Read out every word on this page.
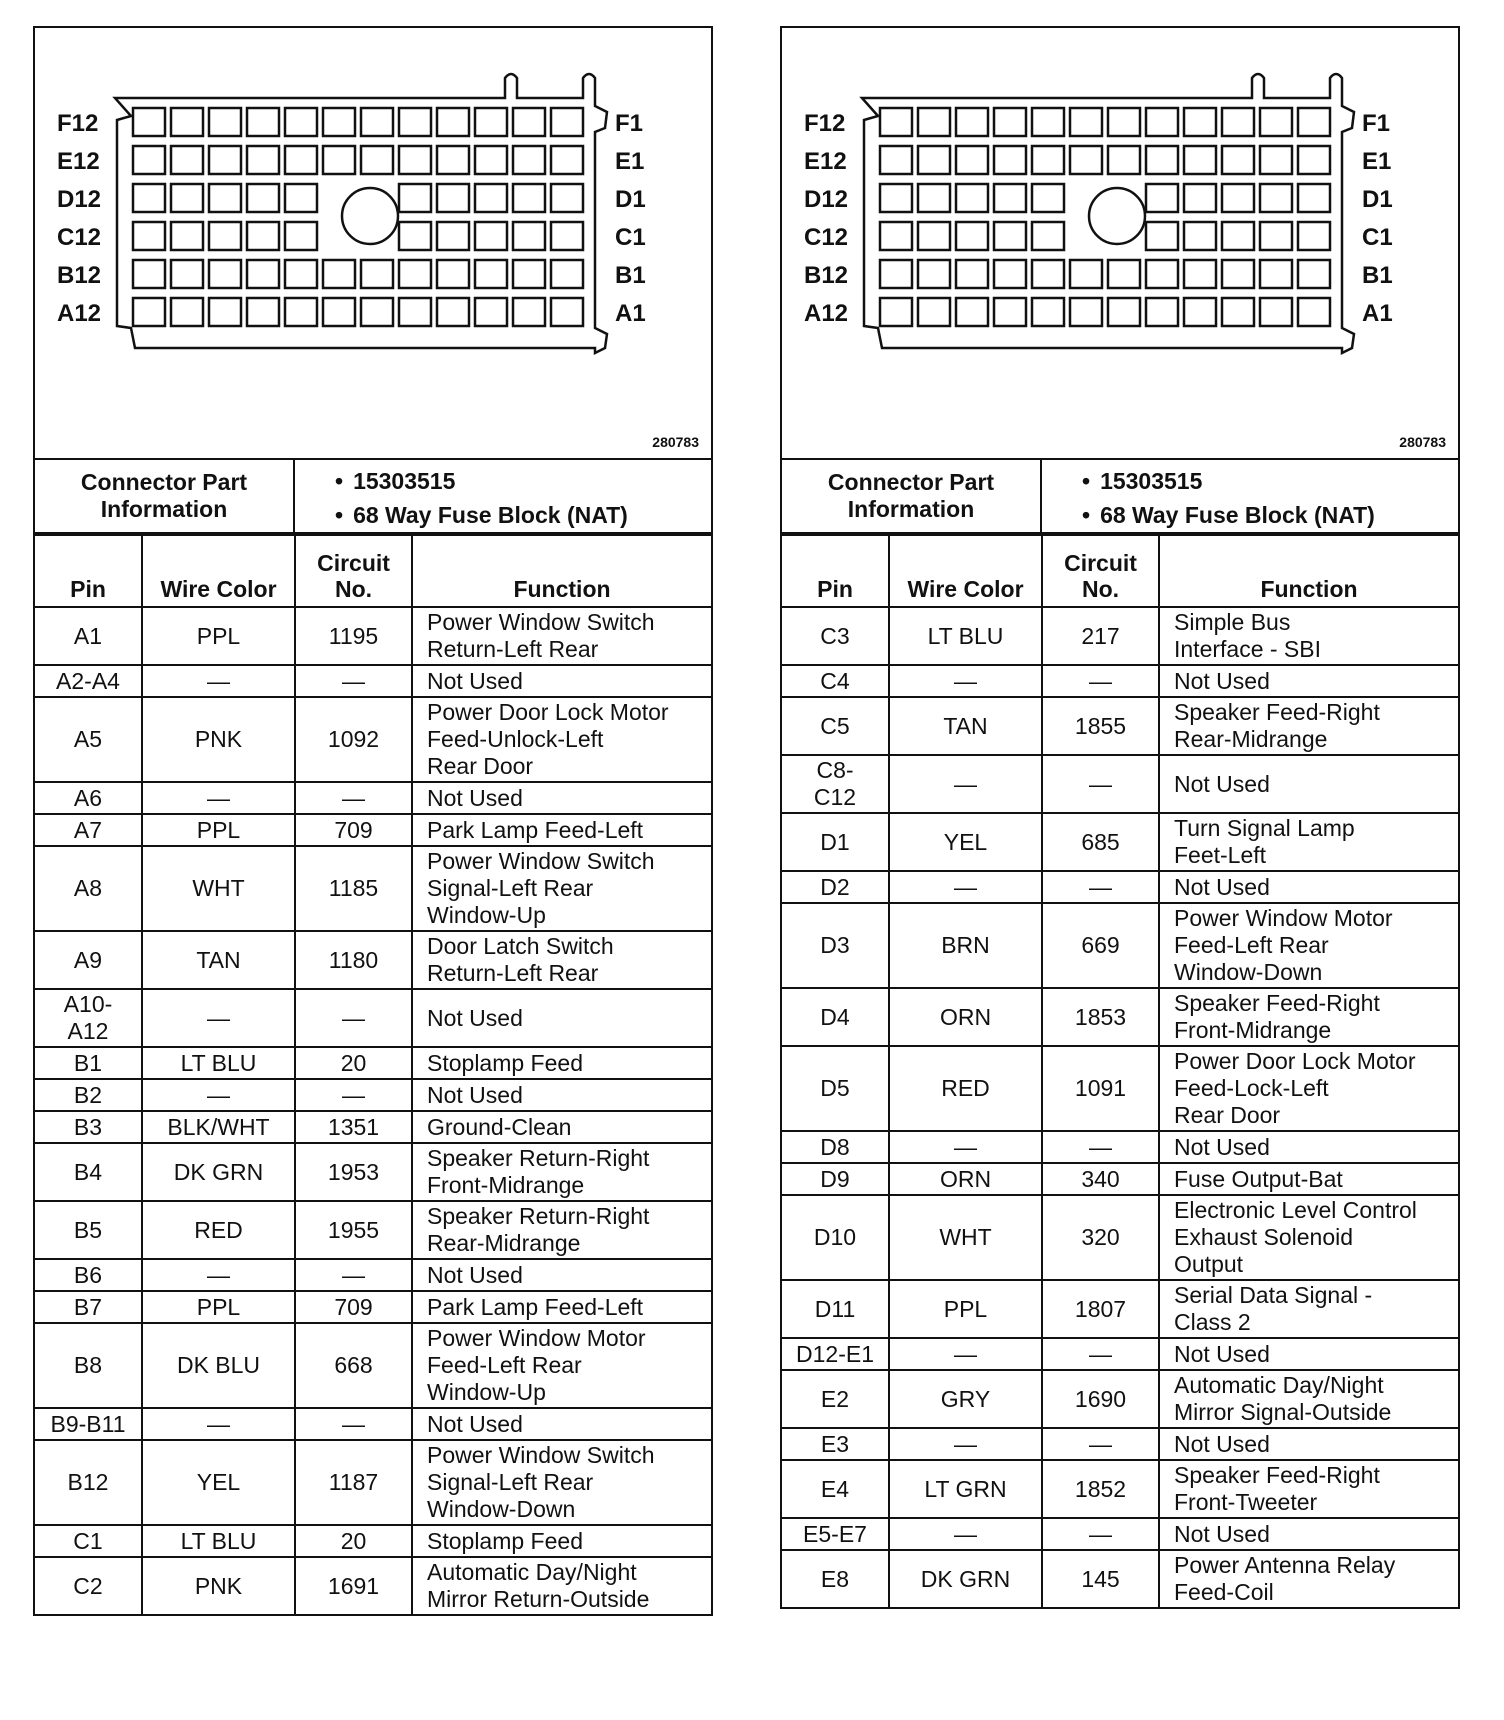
F12	F1
E12	E1
D12	D1
C12	C1
B12	B1
A12	A1
280783
Connector Part Information
• 15303515
• 68 Way Fuse Block (NAT)
Pin	Wire Color	Circuit No.	Function
A1	PPL	1195	Power Window Switch
Return-Left Rear
A2-A4	—	—	Not Used
A5	PNK	1092	Power Door Lock Motor
Feed-Unlock-Left
Rear Door
A6	—	—	Not Used
A7	PPL	709	Park Lamp Feed-Left
A8	WHT	1185	Power Window Switch
Signal-Left Rear
Window-Up
A9	TAN	1180	Door Latch Switch
Return-Left Rear
A10-
A12	—	—	Not Used
B1	LT BLU	20	Stoplamp Feed
B2	—	—	Not Used
B3	BLK/WHT	1351	Ground-Clean
B4	DK GRN	1953	Speaker Return-Right
Front-Midrange
B5	RED	1955	Speaker Return-Right
Rear-Midrange
B6	—	—	Not Used
B7	PPL	709	Park Lamp Feed-Left
B8	DK BLU	668	Power Window Motor
Feed-Left Rear
Window-Up
B9-B11	—	—	Not Used
B12	YEL	1187	Power Window Switch
Signal-Left Rear
Window-Down
C1	LT BLU	20	Stoplamp Feed
C2	PNK	1691	Automatic Day/Night
Mirror Return-Outside
F12	F1
E12	E1
D12	D1
C12	C1
B12	B1
A12	A1
280783
Connector Part Information
• 15303515
• 68 Way Fuse Block (NAT)
Pin	Wire Color	Circuit No.	Function
C3	LT BLU	217	Simple Bus
Interface - SBI
C4	—	—	Not Used
C5	TAN	1855	Speaker Feed-Right
Rear-Midrange
C8-
C12	—	—	Not Used
D1	YEL	685	Turn Signal Lamp
Feet-Left
D2	—	—	Not Used
D3	BRN	669	Power Window Motor
Feed-Left Rear
Window-Down
D4	ORN	1853	Speaker Feed-Right
Front-Midrange
D5	RED	1091	Power Door Lock Motor
Feed-Lock-Left
Rear Door
D8	—	—	Not Used
D9	ORN	340	Fuse Output-Bat
D10	WHT	320	Electronic Level Control
Exhaust Solenoid
Output
D11	PPL	1807	Serial Data Signal -
Class 2
D12-E1	—	—	Not Used
E2	GRY	1690	Automatic Day/Night
Mirror Signal-Outside
E3	—	—	Not Used
E4	LT GRN	1852	Speaker Feed-Right
Front-Tweeter
E5-E7	—	—	Not Used
E8	DK GRN	145	Power Antenna Relay
Feed-Coil
